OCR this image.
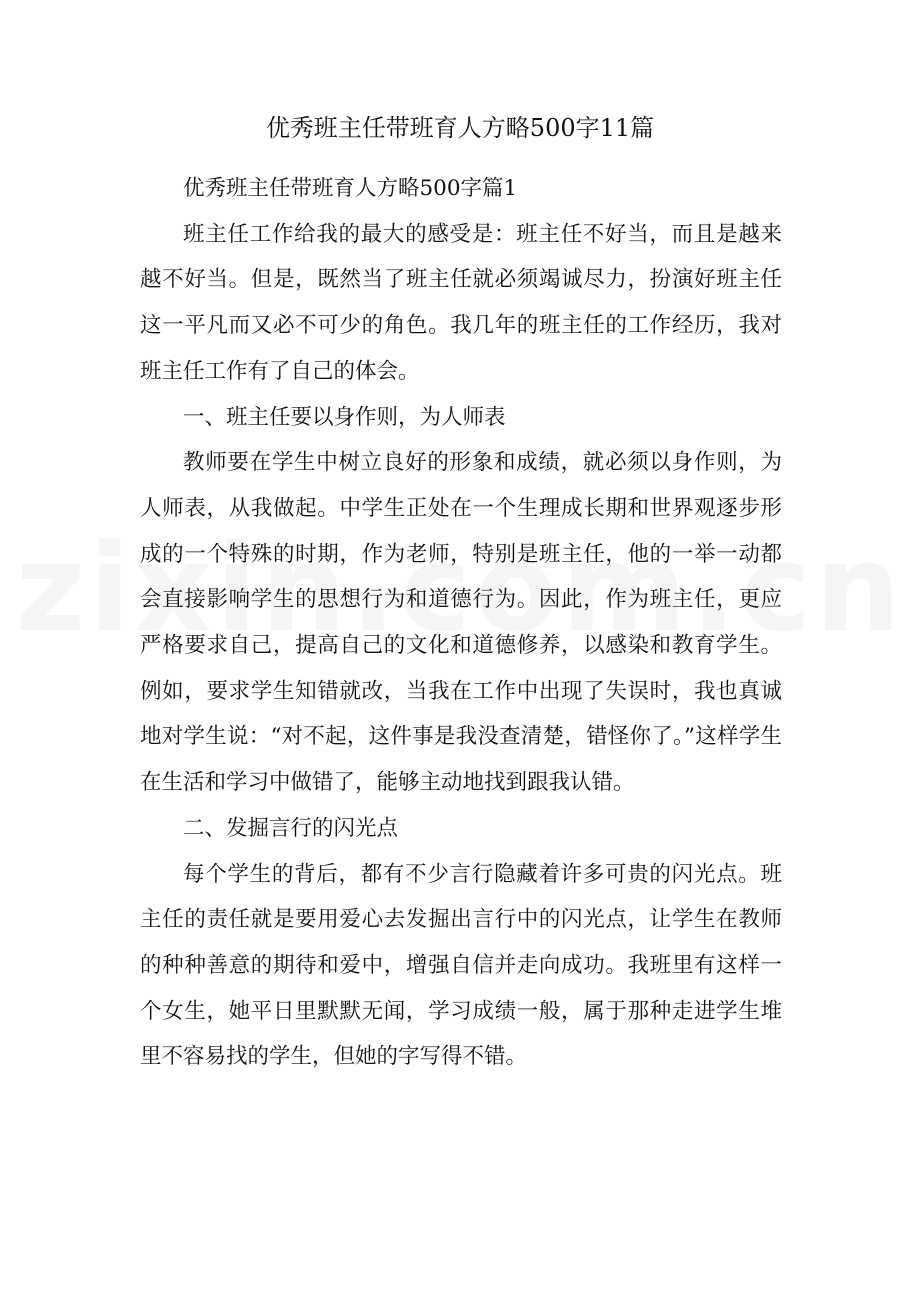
优秀班主任带班育人方略500字11篇

优秀班主任带班育人方略500字篇1

班主任工作给我的最大的感受是：班主任不好当，而且是越来越不好当。但是，既然当了班主任就必须竭诚尽力，扮演好班主任这一平凡而又必不可少的角色。我几年的班主任的工作经历，我对班主任工作有了自己的体会。

一、班主任要以身作则，为人师表

教师要在学生中树立良好的形象和成绩，就必须以身作则，为人师表，从我做起。中学生正处在一个生理成长期和世界观逐步形成的一个特殊的时期，作为老师，特别是班主任，他的一举一动都会直接影响学生的思想行为和道德行为。因此，作为班主任，更应严格要求自己，提高自己的文化和道德修养，以感染和教育学生。例如，要求学生知错就改，当我在工作中出现了失误时，我也真诚地对学生说：“对不起，这件事是我没查清楚，错怪你了。”这样学生在生活和学习中做错了，能够主动地找到跟我认错。

二、发掘言行的闪光点

每个学生的背后，都有不少言行隐藏着许多可贵的闪光点。班主任的责任就是要用爱心去发掘出言行中的闪光点，让学生在教师的种种善意的期待和爱中，增强自信并走向成功。我班里有这样一个女生，她平日里默默无闻，学习成绩一般，属于那种走进学生堆里不容易找的学生，但她的字写得不错。
